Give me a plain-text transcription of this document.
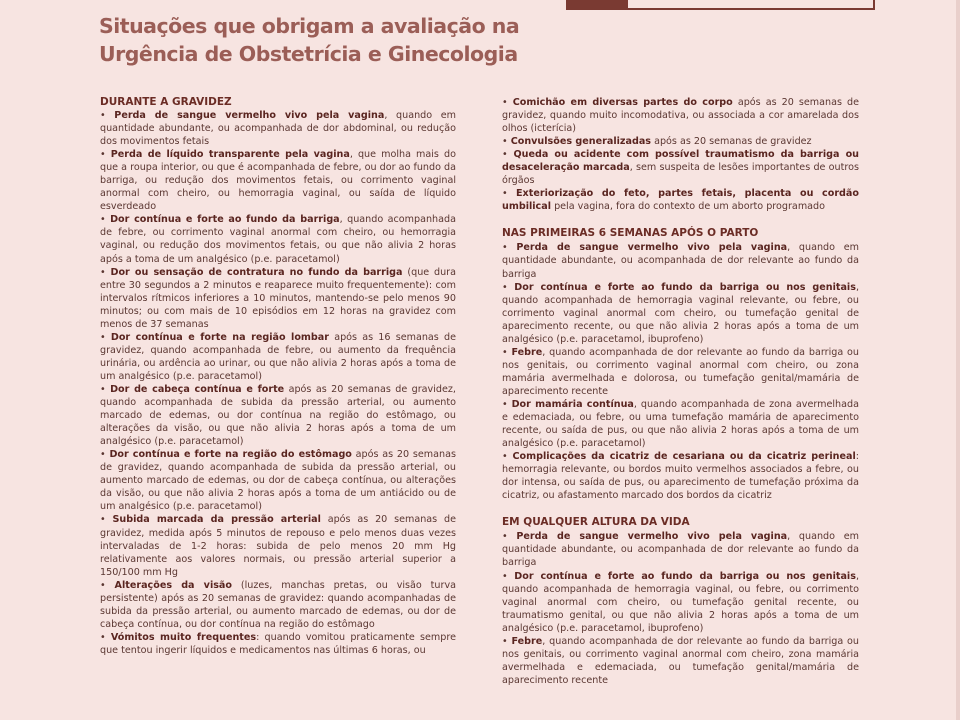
Situações que obrigam a avaliação na
Urgência de Obstetrícia e Ginecologia
DURANTE A GRAVIDEZ
• Perda de sangue vermelho vivo pela vagina, quando em quantidade abundante, ou acompanhada de dor abdominal, ou redução dos movimentos fetais
• Perda de líquido transparente pela vagina, que molha mais do que a roupa interior, ou que é acompanhada de febre, ou dor ao fundo da barriga, ou redução dos movimentos fetais, ou corrimento vaginal anormal com cheiro, ou hemorragia vaginal, ou saída de líquido esverdeado
• Dor contínua e forte ao fundo da barriga, quando acompanhada de febre, ou corrimento vaginal anormal com cheiro, ou hemorragia vaginal, ou redução dos movimentos fetais, ou que não alivia 2 horas após a toma de um analgésico (p.e. paracetamol)
• Dor ou sensação de contratura no fundo da barriga (que dura entre 30 segundos a 2 minutos e reaparece muito frequentemente): com intervalos rítmicos inferiores a 10 minutos, mantendo-se pelo menos 90 minutos; ou com mais de 10 episódios em 12 horas na gravidez com menos de 37 semanas
• Dor contínua e forte na região lombar após as 16 semanas de gravidez, quando acompanhada de febre, ou aumento da frequência urinária, ou ardência ao urinar, ou que não alivia 2 horas após a toma de um analgésico (p.e. paracetamol)
• Dor de cabeça contínua e forte após as 20 semanas de gravidez, quando acompanhada de subida da pressão arterial, ou aumento marcado de edemas, ou dor contínua na região do estômago, ou alterações da visão, ou que não alivia 2 horas após a toma de um analgésico (p.e. paracetamol)
• Dor contínua e forte na região do estômago após as 20 semanas de gravidez, quando acompanhada de subida da pressão arterial, ou aumento marcado de edemas, ou dor de cabeça contínua, ou alterações da visão, ou que não alivia 2 horas após a toma de um antiácido ou de um analgésico (p.e. paracetamol)
• Subida marcada da pressão arterial após as 20 semanas de gravidez, medida após 5 minutos de repouso e pelo menos duas vezes intervaladas de 1-2 horas: subida de pelo menos 20 mm Hg relativamente aos valores normais, ou pressão arterial superior a 150/100 mm Hg
• Alterações da visão (luzes, manchas pretas, ou visão turva persistente) após as 20 semanas de gravidez: quando acompanhadas de subida da pressão arterial, ou aumento marcado de edemas, ou dor de cabeça contínua, ou dor contínua na região do estômago
• Vómitos muito frequentes: quando vomitou praticamente sempre que tentou ingerir líquidos e medicamentos nas últimas 6 horas, ou
• Comichão em diversas partes do corpo após as 20 semanas de gravidez, quando muito incomodativa, ou associada a cor amarelada dos olhos (icterícia)
• Convulsões generalizadas após as 20 semanas de gravidez
• Queda ou acidente com possível traumatismo da barriga ou desaceleração marcada, sem suspeita de lesões importantes de outros órgãos
• Exteriorização do feto, partes fetais, placenta ou cordão umbilical pela vagina, fora do contexto de um aborto programado
NAS PRIMEIRAS 6 SEMANAS APÓS O PARTO
• Perda de sangue vermelho vivo pela vagina, quando em quantidade abundante, ou acompanhada de dor relevante ao fundo da barriga
• Dor contínua e forte ao fundo da barriga ou nos genitais, quando acompanhada de hemorragia vaginal relevante, ou febre, ou corrimento vaginal anormal com cheiro, ou tumefação genital de aparecimento recente, ou que não alivia 2 horas após a toma de um analgésico (p.e. paracetamol, ibuprofeno)
• Febre, quando acompanhada de dor relevante ao fundo da barriga ou nos genitais, ou corrimento vaginal anormal com cheiro, ou zona mamária avermelhada e dolorosa, ou tumefação genital/mamária de aparecimento recente
• Dor mamária contínua, quando acompanhada de zona avermelhada e edemaciada, ou febre, ou uma tumefação mamária de aparecimento recente, ou saída de pus, ou que não alivia 2 horas após a toma de um analgésico (p.e. paracetamol)
• Complicações da cicatriz de cesariana ou da cicatriz perineal: hemorragia relevante, ou bordos muito vermelhos associados a febre, ou dor intensa, ou saída de pus, ou aparecimento de tumefação próxima da cicatriz, ou afastamento marcado dos bordos da cicatriz
EM QUALQUER ALTURA DA VIDA
• Perda de sangue vermelho vivo pela vagina, quando em quantidade abundante, ou acompanhada de dor relevante ao fundo da barriga
• Dor contínua e forte ao fundo da barriga ou nos genitais, quando acompanhada de hemorragia vaginal, ou febre, ou corrimento vaginal anormal com cheiro, ou tumefação genital recente, ou traumatismo genital, ou que não alivia 2 horas após a toma de um analgésico (p.e. paracetamol, ibuprofeno)
• Febre, quando acompanhada de dor relevante ao fundo da barriga ou nos genitais, ou corrimento vaginal anormal com cheiro, zona mamária avermelhada e edemaciada, ou tumefação genital/mamária de aparecimento recente
